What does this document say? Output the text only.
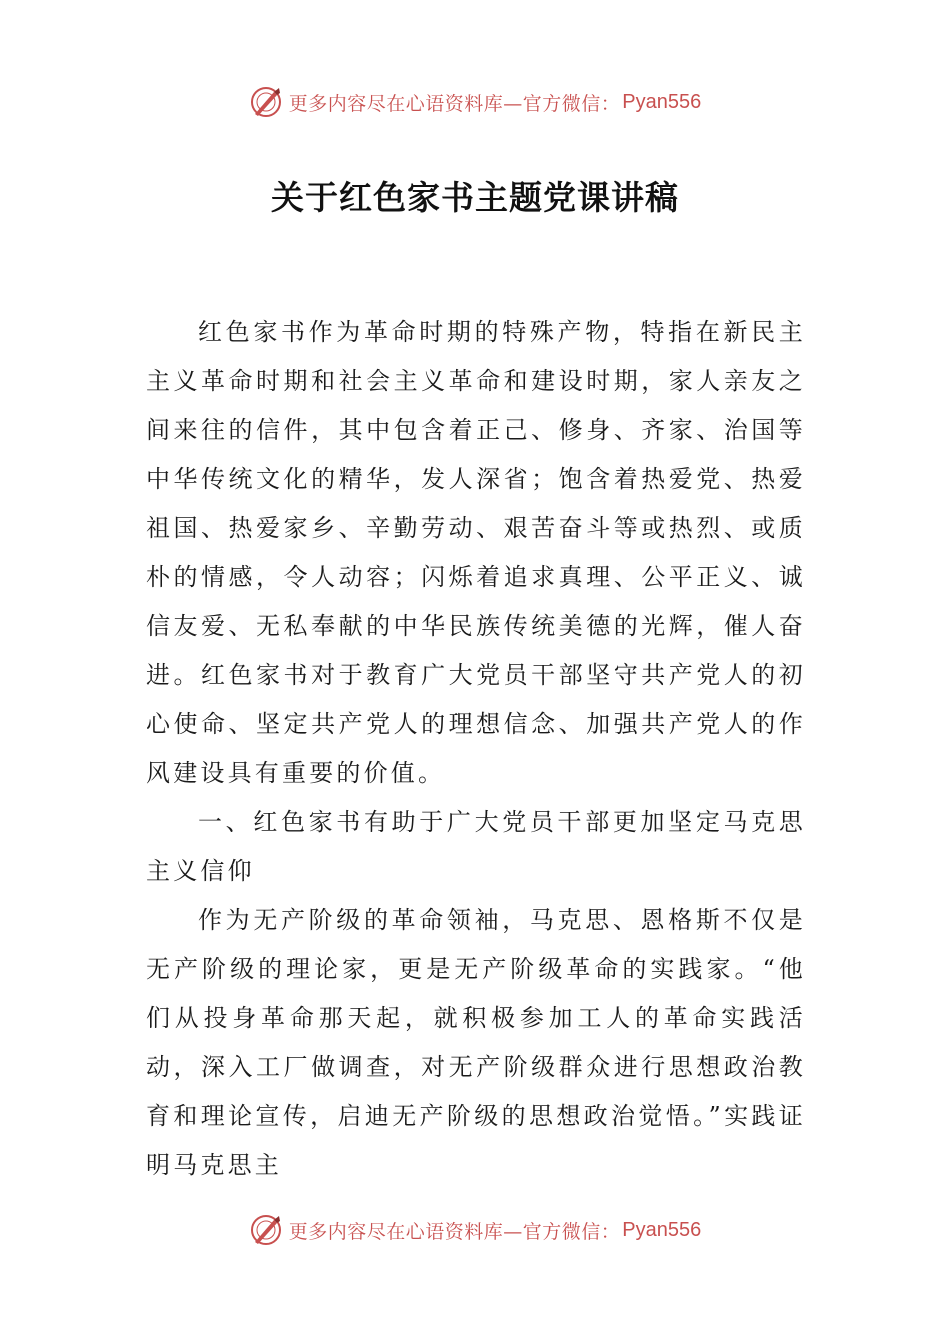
更多内容尽在心语资料库—官方微信： Pyan556
关于红色家书主题党课讲稿

红色家书作为革命时期的特殊产物，特指在新民主主义革命时期和社会主义革命和建设时期，家人亲友之间来往的信件，其中包含着正己、修身、齐家、治国等中华传统文化的精华，发人深省；饱含着热爱党、热爱祖国、热爱家乡、辛勤劳动、艰苦奋斗等或热烈、或质朴的情感，令人动容；闪烁着追求真理、公平正义、诚信友爱、无私奉献的中华民族传统美德的光辉，催人奋进。红色家书对于教育广大党员干部坚守共产党人的初心使命、坚定共产党人的理想信念、加强共产党人的作风建设具有重要的价值。

一、红色家书有助于广大党员干部更加坚定马克思主义信仰

作为无产阶级的革命领袖，马克思、恩格斯不仅是无产阶级的理论家，更是无产阶级革命的实践家。“他们从投身革命那天起，就积极参加工人的革命实践活动，深入工厂做调查，对无产阶级群众进行思想政治教育和理论宣传，启迪无产阶级的思想政治觉悟。”实践证明马克思主

更多内容尽在心语资料库—官方微信： Pyan556
